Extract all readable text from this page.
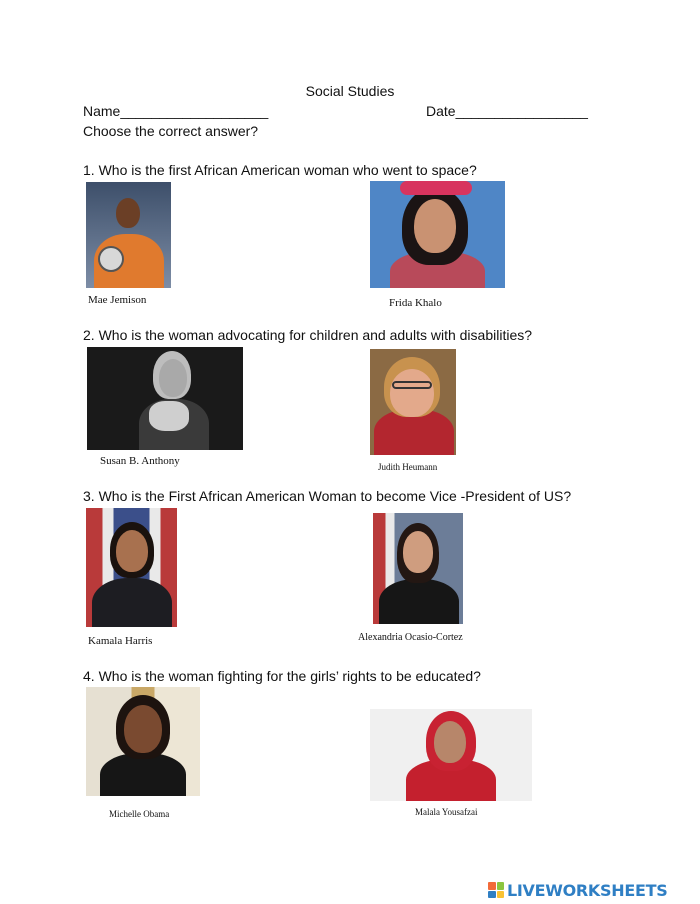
Social Studies
Name___________________	Date_________________
Choose the correct answer?
1. Who is the first African American woman who went to space?
Mae Jemison	Frida Khalo
2. Who is the woman advocating for children and adults with disabilities?
Susan B. Anthony	Judith Heumann
3. Who is the First African American Woman to become Vice -President of US?
Kamala Harris	Alexandria Ocasio-Cortez
4. Who is the woman fighting for the girls’ rights to be educated?
Michelle Obama	Malala Yousafzai
LIVEWORKSHEETS
